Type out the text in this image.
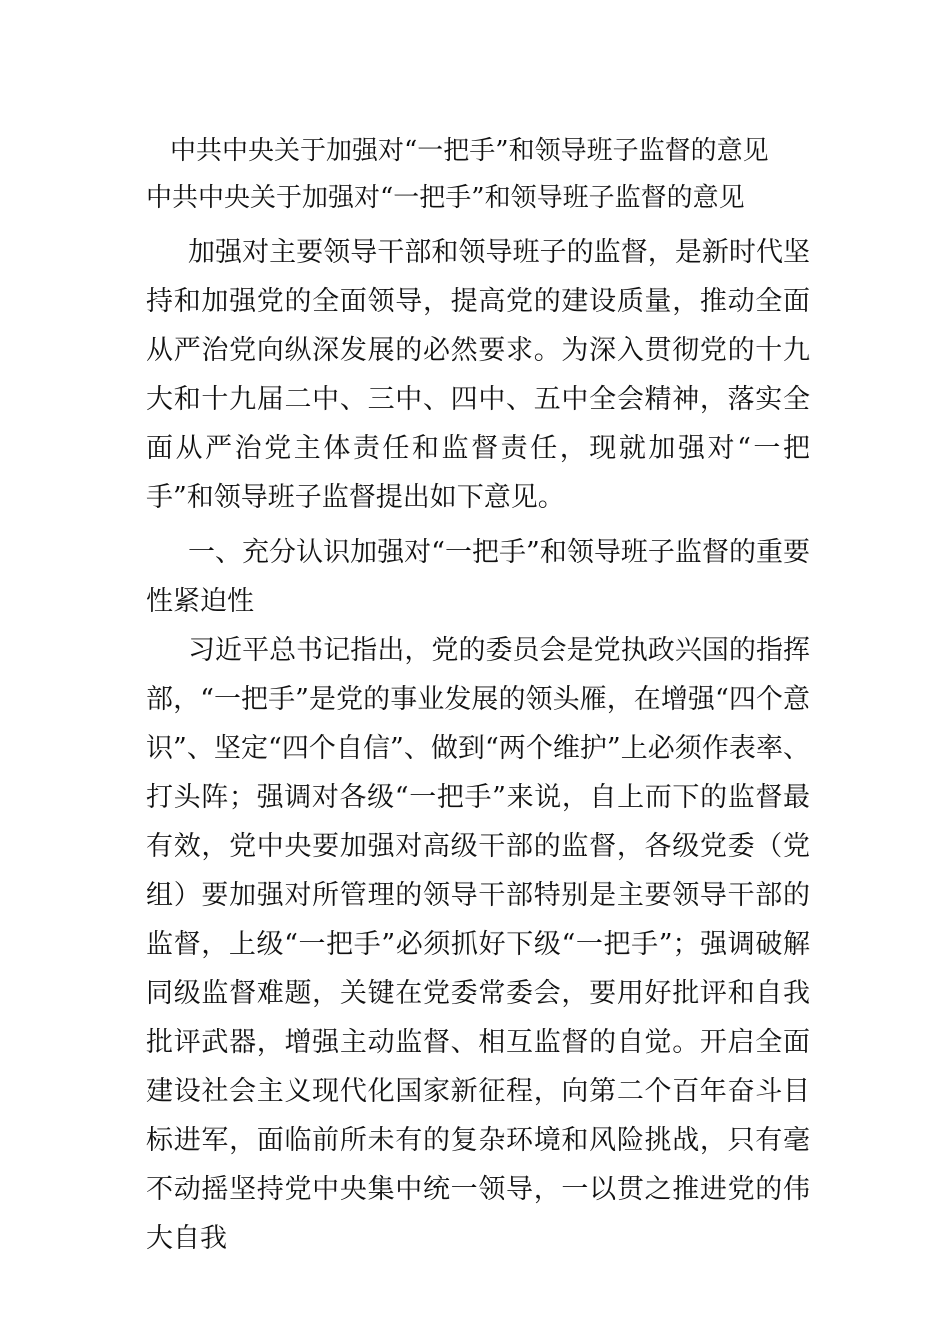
中共中央关于加强对“一把手”和领导班子监督的意见
中共中央关于加强对“一把手”和领导班子监督的意见

加强对主要领导干部和领导班子的监督，是新时代坚持和加强党的全面领导，提高党的建设质量，推动全面从严治党向纵深发展的必然要求。为深入贯彻党的十九大和十九届二中、三中、四中、五中全会精神，落实全面从严治党主体责任和监督责任，现就加强对“一把手”和领导班子监督提出如下意见。

一、充分认识加强对“一把手”和领导班子监督的重要性紧迫性

习近平总书记指出，党的委员会是党执政兴国的指挥部，“一把手”是党的事业发展的领头雁，在增强“四个意识”、坚定“四个自信”、做到“两个维护”上必须作表率、打头阵；强调对各级“一把手”来说，自上而下的监督最有效，党中央要加强对高级干部的监督，各级党委（党组）要加强对所管理的领导干部特别是主要领导干部的监督，上级“一把手”必须抓好下级“一把手”；强调破解同级监督难题，关键在党委常委会，要用好批评和自我批评武器，增强主动监督、相互监督的自觉。开启全面建设社会主义现代化国家新征程，向第二个百年奋斗目标进军，面临前所未有的复杂环境和风险挑战，只有毫不动摇坚持党中央集中统一领导，一以贯之推进党的伟大自我
